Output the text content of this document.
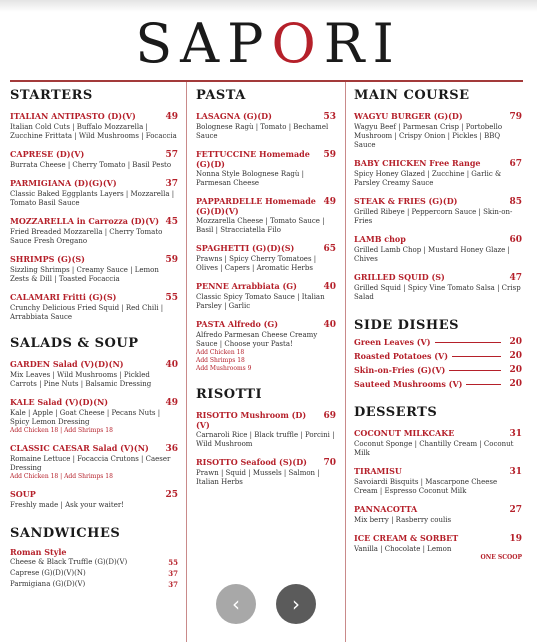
SAPORI
STARTERS
ITALIAN ANTIPASTO (D)(V)	49
Italian Cold Cuts | Buffalo Mozzarella | Zucchine Frittata | Wild Mushrooms | Focaccia
CAPRESE (D)(V)	57
Burrata Cheese | Cherry Tomato | Basil Pesto
PARMIGIANA (D)(G)(V)	37
Classic Baked Eggplants Layers | Mozzarella | Tomato Basil Sauce
MOZZARELLA in Carrozza (D)(V) 45
Fried Breaded Mozzarella | Cherry Tomato Sauce Fresh Oregano
SHRIMPS (G)(S)	59
Sizzling Shrimps | Creamy Sauce | Lemon Zests & Dill | Toasted Focaccia
CALAMARI Fritti (G)(S)	55
Crunchy Delicious Fried Squid | Red Chili | Arrabbiata Sauce
SALADS & SOUP
GARDEN Salad (V)(D)(N)	40
Mix Leaves | Wild Mushrooms | Pickled Carrots | Pine Nuts | Balsamic Dressing
KALE Salad (V)(D)(N)	49
Kale | Apple | Goat Cheese | Pecans Nuts | Spicy Lemon Dressing
Add Chicken 18 | Add Shrimps 18
CLASSIC CAESAR Salad (V)(N)	36
Romaine Lettuce | Focaccia Crutons | Caeser Dressing
Add Chicken 18 | Add Shrimps 18
SOUP	25
Freshly made | Ask your waiter!
SANDWICHES
Roman Style
Cheese & Black Truffle (G)(D)(V)	55
Caprese (G)(D)(V)(N)	37
Parmigiana (G)(D)(V)	37
PASTA
LASAGNA (G)(D)	53
Bolognese Ragù | Tomato | Bechamel Sauce
FETTUCCINE Homemade (G)(D)
59
Nonna Style Bolognese Ragù | Parmesan Cheese
PAPPARDELLE Homemade (G)(D)(V)
49
Mozzarella Cheese | Tomato Sauce | Basil | Stracciatella Filo
SPAGHETTI (G)(D)(S)	65
Prawns | Spicy Cherry Tomatoes | Olives | Capers | Aromatic Herbs
PENNE Arrabbiata (G)	40
Classic Spicy Tomato Sauce | Italian Parsley | Garlic
PASTA Alfredo (G)	40
Alfredo Parmesan Cheese Creamy Sauce | Choose your Pasta!
Add Chicken 18
Add Shrimps 18
Add Mushrooms 9
RISOTTI
RISOTTO Mushroom (D)(V)
69
Carnaroli Rice | Black truffle | Porcini | Wild Mushroom
RISOTTO Seafood (S)(D)	70
Prawn | Squid | Mussels | Salmon | Italian Herbs
MAIN COURSE
WAGYU BURGER (G)(D)	79
Wagyu Beef | Parmesan Crisp | Portobello Mushroom | Crispy Onion | Pickles | BBQ Sauce
BABY CHICKEN Free Range	67
Spicy Honey Glazed | Zucchine | Garlic & Parsley Creamy Sauce
STEAK & FRIES (G)(D)	85
Grilled Ribeye | Peppercorn Sauce | Skin-on-Fries
LAMB chop	60
Grilled Lamb Chop | Mustard Honey Glaze | Chives
GRILLED SQUID (S)	47
Grilled Squid | Spicy Vine Tomato Salsa | Crisp Salad
SIDE DISHES
Green Leaves (V)	20
Roasted Potatoes (V)	20
Skin-on-Fries (G)(V)	20
Sauteed Mushrooms (V)	20
DESSERTS
COCONUT MILKCAKE	31
Coconut Sponge | Chantilly Cream | Coconut Milk
TIRAMISU	31
Savoiardi Bisquits | Mascarpone Cheese Cream | Espresso Coconut Milk
PANNACOTTA	27
Mix berry | Rasberry coulis
ICE CREAM & SORBET	19
Vanilla | Chocolate | Lemon
ONE SCOOP
‹	›
